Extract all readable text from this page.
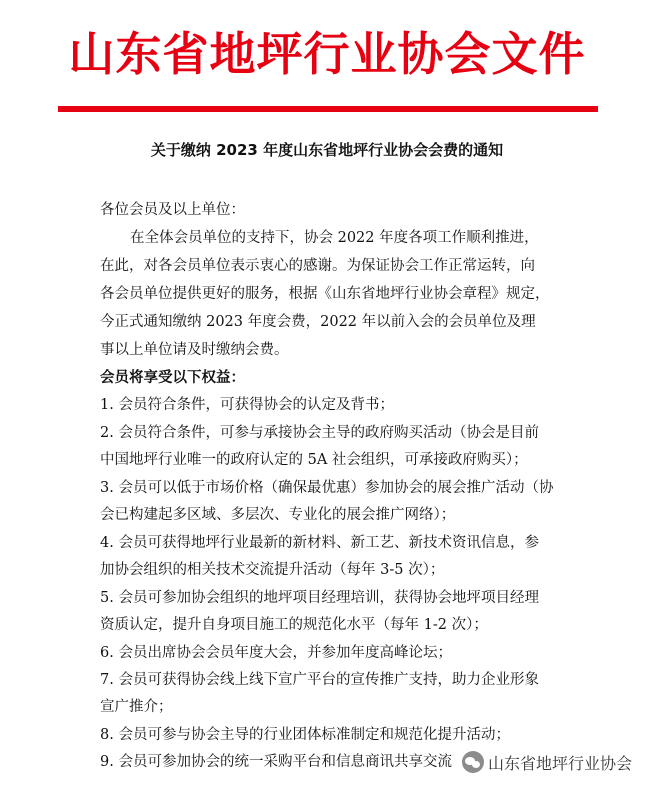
山东省地坪行业协会文件
关于缴纳 2023 年度山东省地坪行业协会会费的通知
各位会员及以上单位：
在全体会员单位的支持下，协会 2022 年度各项工作顺利推进，
在此，对各会员单位表示衷心的感谢。为保证协会工作正常运转，向
各会员单位提供更好的服务，根据《山东省地坪行业协会章程》规定，
今正式通知缴纳 2023 年度会费，2022 年以前入会的会员单位及理
事以上单位请及时缴纳会费。
会员将享受以下权益：
1. 会员符合条件，可获得协会的认定及背书；
2. 会员符合条件，可参与承接协会主导的政府购买活动（协会是目前
中国地坪行业唯一的政府认定的 5A 社会组织，可承接政府购买）；
3. 会员可以低于市场价格（确保最优惠）参加协会的展会推广活动（协
会已构建起多区域、多层次、专业化的展会推广网络）；
4. 会员可获得地坪行业最新的新材料、新工艺、新技术资讯信息，参
加协会组织的相关技术交流提升活动（每年 3-5 次）；
5. 会员可参加协会组织的地坪项目经理培训，获得协会地坪项目经理
资质认定，提升自身项目施工的规范化水平（每年 1-2 次）；
6. 会员出席协会会员年度大会，并参加年度高峰论坛；
7. 会员可获得协会线上线下宣广平台的宣传推广支持，助力企业形象
宣广推介；
8. 会员可参与协会主导的行业团体标准制定和规范化提升活动；
9. 会员可参加协会的统一采购平台和信息商讯共享交流 山东省地坪行业协会
